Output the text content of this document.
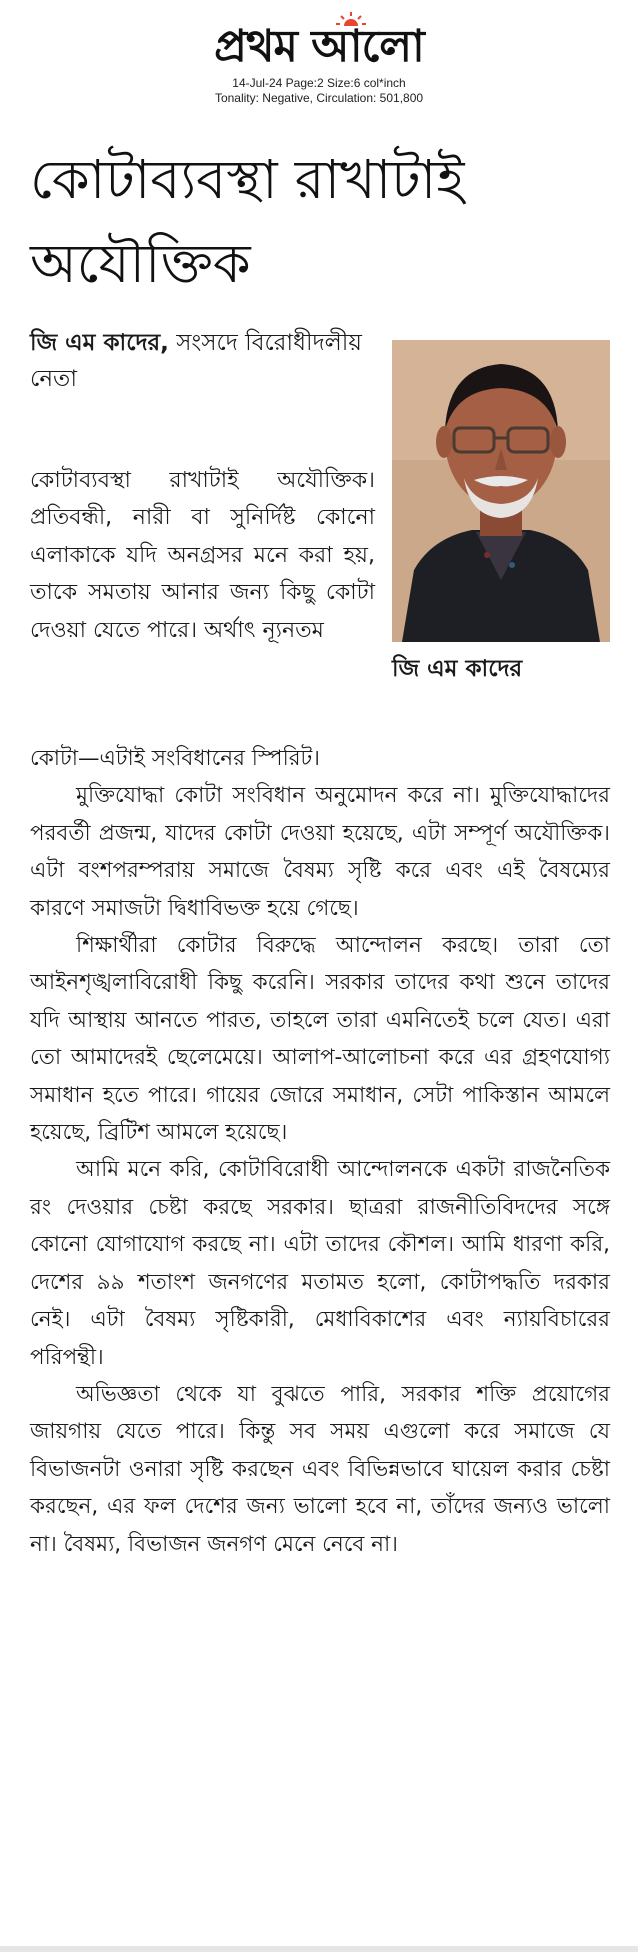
প্রথম আলো
14-Jul-24 Page:2 Size:6 col*inch
Tonality: Negative, Circulation: 501,800
কোটাব্যবস্থা রাখাটাই
অযৌক্তিক
জি এম কাদের, সংসদে বিরোধীদলীয় নেতা
জি এম কাদের

কোটাব্যবস্থা রাখাটাই অযৌক্তিক। প্রতিবন্ধী, নারী বা সুনির্দিষ্ট কোনো এলাকাকে যদি অনগ্রসর মনে করা হয়, তাকে সমতায় আনার জন্য কিছু কোটা দেওয়া যেতে পারে। অর্থাৎ ন্যূনতম

কোটা—এটাই সংবিধানের স্পিরিট।

মুক্তিযোদ্ধা কোটা সংবিধান অনুমোদন করে না। মুক্তিযোদ্ধাদের পরবর্তী প্রজন্ম, যাদের কোটা দেওয়া হয়েছে, এটা সম্পূর্ণ অযৌক্তিক। এটা বংশপরম্পরায় সমাজে বৈষম্য সৃষ্টি করে এবং এই বৈষম্যের কারণে সমাজটা দ্বিধাবিভক্ত হয়ে গেছে।

শিক্ষার্থীরা কোটার বিরুদ্ধে আন্দোলন করছে। তারা তো আইনশৃঙ্খলাবিরোধী কিছু করেনি। সরকার তাদের কথা শুনে তাদের যদি আস্থায় আনতে পারত, তাহলে তারা এমনিতেই চলে যেত। এরা তো আমাদেরই ছেলেমেয়ে। আলাপ-আলোচনা করে এর গ্রহণযোগ্য সমাধান হতে পারে। গায়ের জোরে সমাধান, সেটা পাকিস্তান আমলে হয়েছে, ব্রিটিশ আমলে হয়েছে।

আমি মনে করি, কোটাবিরোধী আন্দোলনকে একটা রাজনৈতিক রং দেওয়ার চেষ্টা করছে সরকার। ছাত্ররা রাজনীতিবিদদের সঙ্গে কোনো যোগাযোগ করছে না। এটা তাদের কৌশল। আমি ধারণা করি, দেশের ৯৯ শতাংশ জনগণের মতামত হলো, কোটাপদ্ধতি দরকার নেই। এটা বৈষম্য সৃষ্টিকারী, মেধাবিকাশের এবং ন্যায়বিচারের পরিপন্থী।

অভিজ্ঞতা থেকে যা বুঝতে পারি, সরকার শক্তি প্রয়োগের জায়গায় যেতে পারে। কিন্তু সব সময় এগুলো করে সমাজে যে বিভাজনটা ওনারা সৃষ্টি করছেন এবং বিভিন্নভাবে ঘায়েল করার চেষ্টা করছেন, এর ফল দেশের জন্য ভালো হবে না, তাঁদের জন্যও ভালো না। বৈষম্য, বিভাজন জনগণ মেনে নেবে না।
